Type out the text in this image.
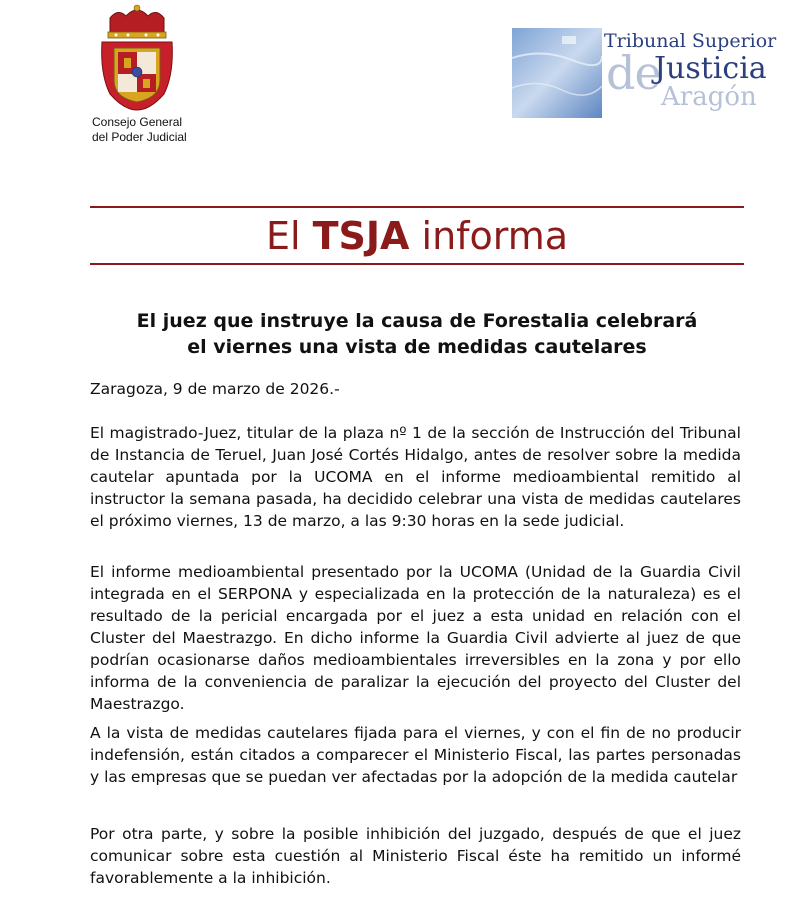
Consejo General
del Poder Judicial
Tribunal Superior
de
Justicia
Aragón
El TSJA informa
El juez que instruye la causa de Forestalia celebrará
el viernes una vista de medidas cautelares
Zaragoza, 9 de marzo de 2026.-
El magistrado-Juez, titular de la plaza nº 1 de la sección de Instrucción del Tribunal de Instancia de Teruel, Juan José Cortés Hidalgo, antes de resolver sobre la medida cautelar apuntada por la UCOMA en el informe medioambiental remitido al instructor la semana pasada, ha decidido celebrar una vista de medidas cautelares el próximo viernes, 13 de marzo, a las 9:30 horas en la sede judicial.
El informe medioambiental presentado por la UCOMA (Unidad de la Guardia Civil integrada en el SERPONA y especializada en la protección de la naturaleza) es el resultado de la pericial encargada por el juez a esta unidad en relación con el Cluster del Maestrazgo. En dicho informe la Guardia Civil advierte al juez de que podrían ocasionarse daños medioambientales irreversibles en la zona y por ello informa de la conveniencia de paralizar la ejecución del proyecto del Cluster del Maestrazgo.
A la vista de medidas cautelares fijada para el viernes, y con el fin de no producir indefensión, están citados a comparecer el Ministerio Fiscal, las partes personadas y las empresas que se puedan ver afectadas por la adopción de la medida cautelar
Por otra parte, y sobre la posible inhibición del juzgado, después de que el juez comunicar sobre esta cuestión al Ministerio Fiscal éste ha remitido un informé favorablemente a la inhibición.
